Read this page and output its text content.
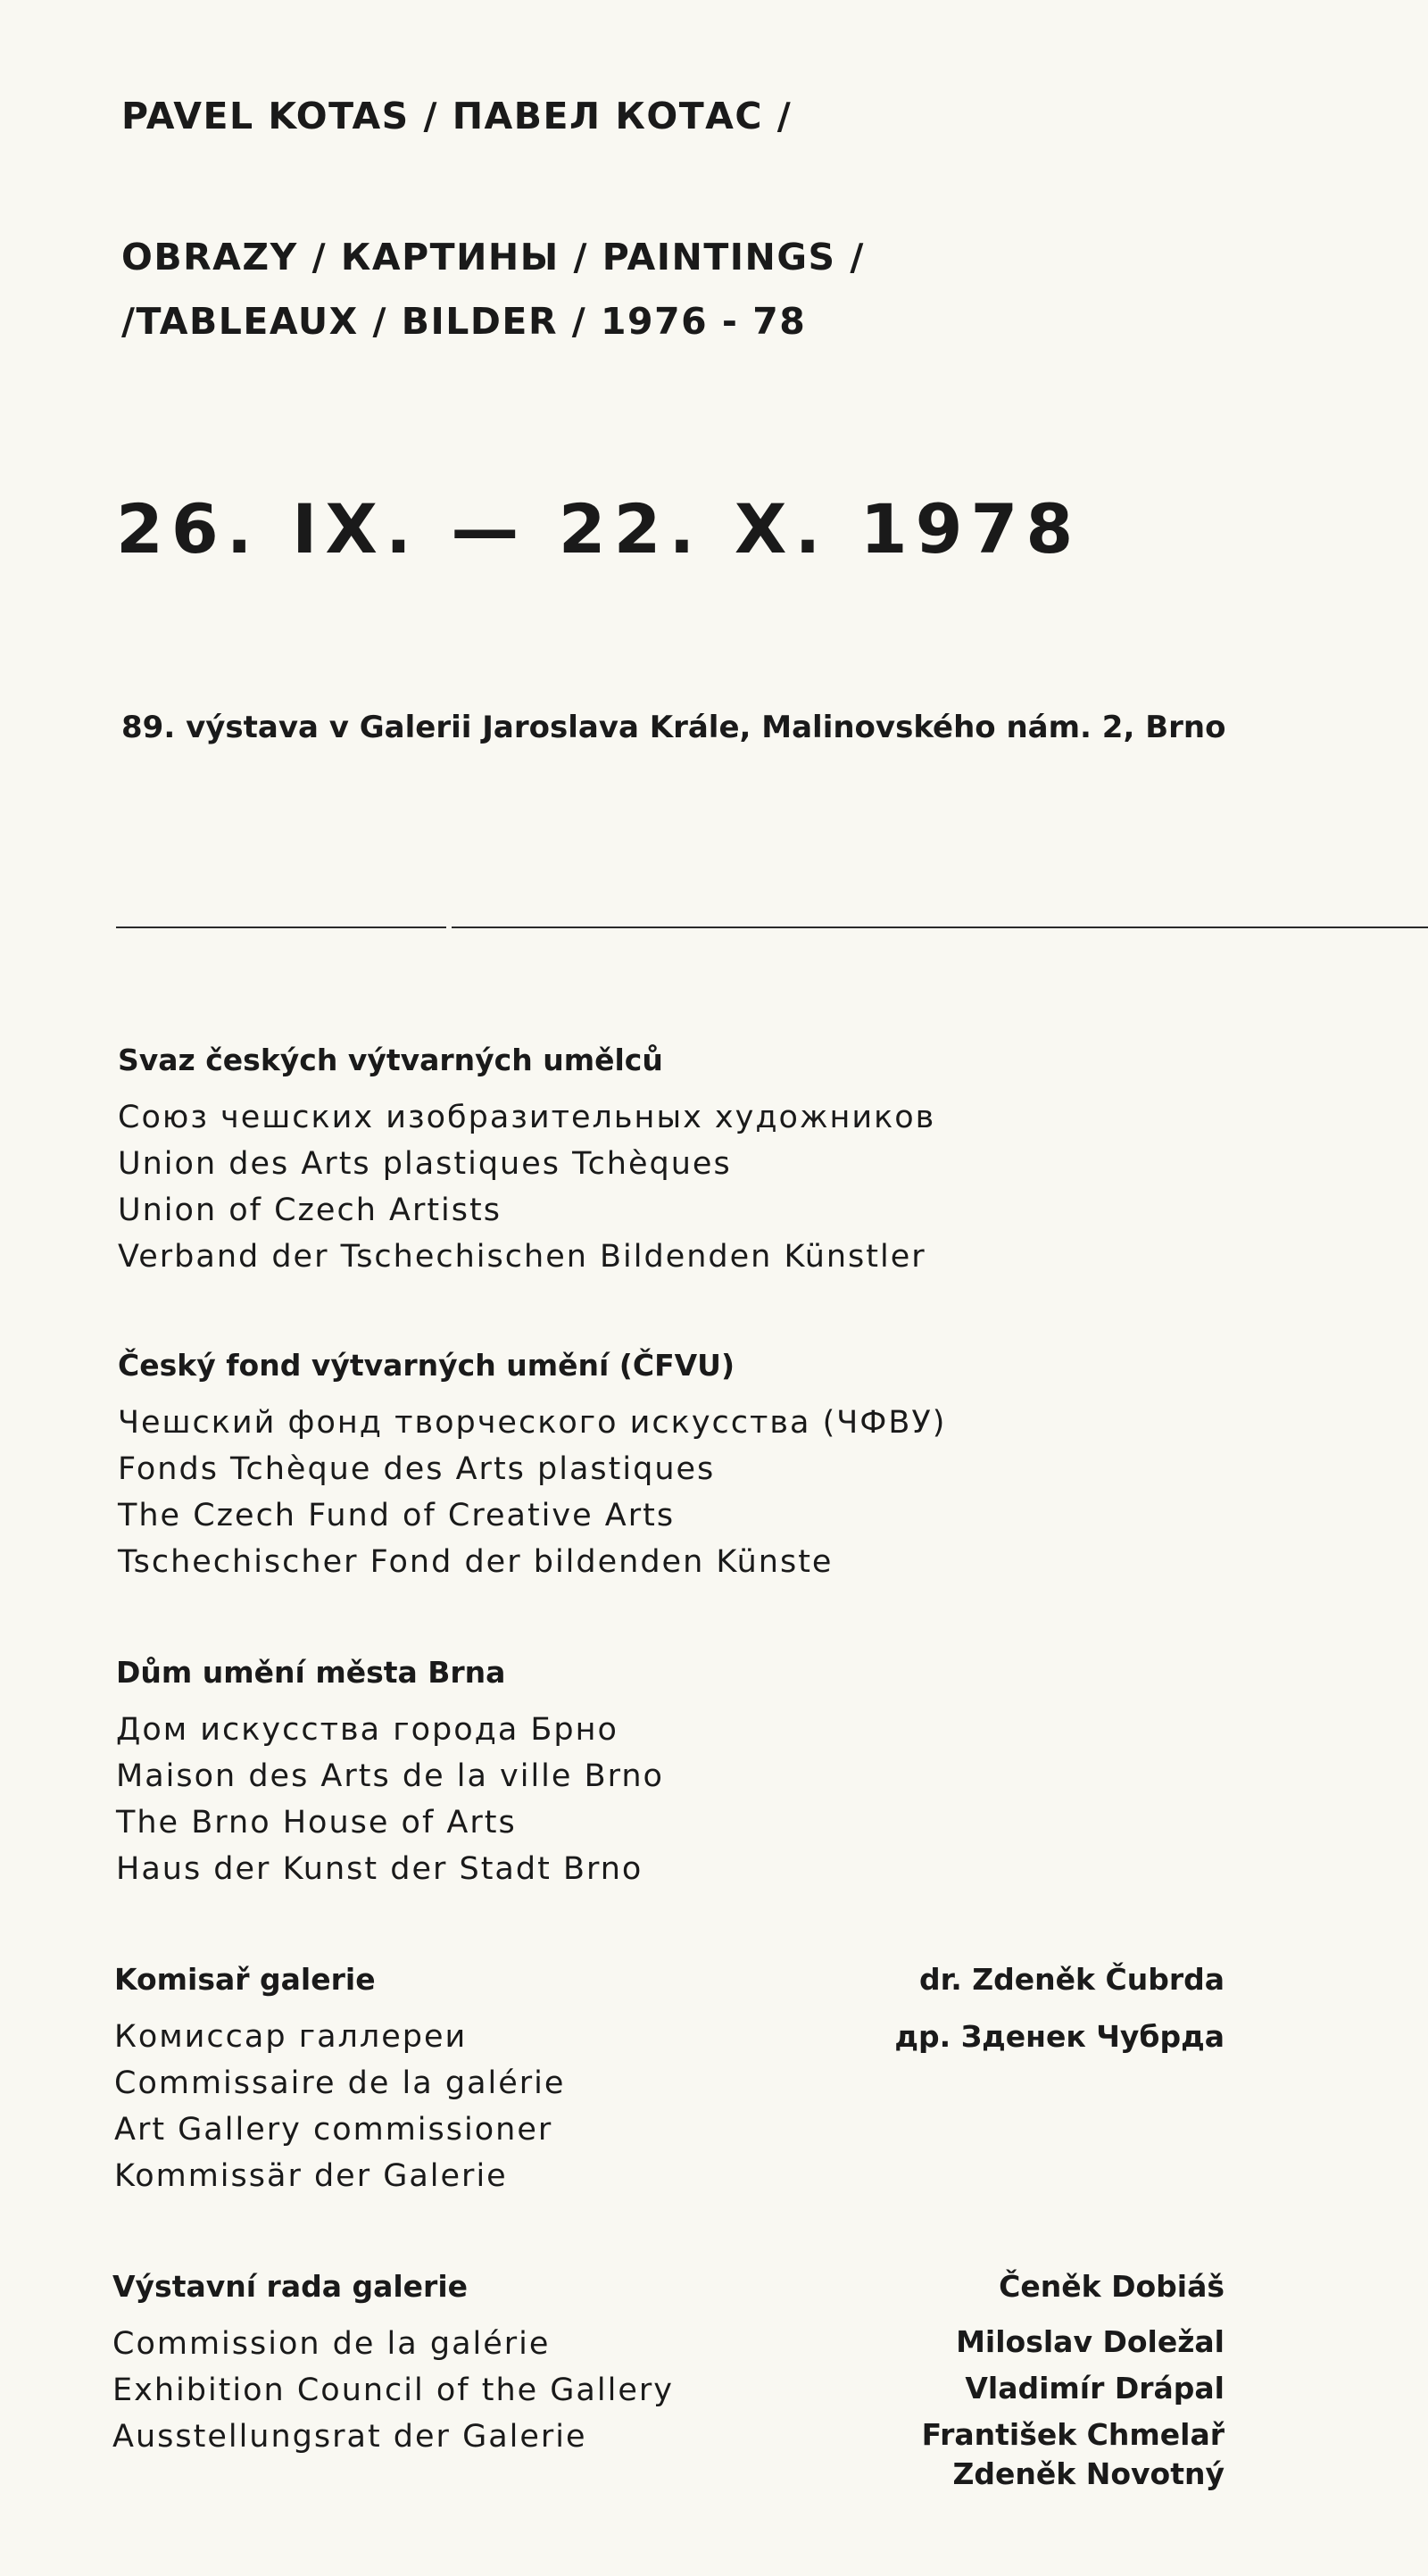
PAVEL KOTAS / ПАВЕЛ КОТАС /
OBRAZY / КАРТИНЫ / PAINTINGS /
/TABLEAUX / BILDER / 1976 - 78
26. IX. — 22. X. 1978
89. výstava v Galerii Jaroslava Krále, Malinovského nám. 2, Brno
Svaz českých výtvarných umělců
Союз чешских изобразительных художников
Union des Arts plastiques Tchèques
Union of Czech Artists
Verband der Tschechischen Bildenden Künstler
Český fond výtvarných umění (ČFVU)
Чешский фонд творческого искусства (ЧФВУ)
Fonds Tchèque des Arts plastiques
The Czech Fund of Creative Arts
Tschechischer Fond der bildenden Künste
Dům umění města Brna
Дом искусства города Брно
Maison des Arts de la ville Brno
The Brno House of Arts
Haus der Kunst der Stadt Brno
Komisař galerie
Комиссар галлереи
Commissaire de la galérie
Art Gallery commissioner
Kommissär der Galerie
dr. Zdeněk Čubrda
др. Зденек Чубрда
Výstavní rada galerie
Commission de la galérie
Exhibition Council of the Gallery
Ausstellungsrat der Galerie
Čeněk Dobiáš
Miloslav Doležal
Vladimír Drápal
František Chmelař
Zdeněk Novotný
